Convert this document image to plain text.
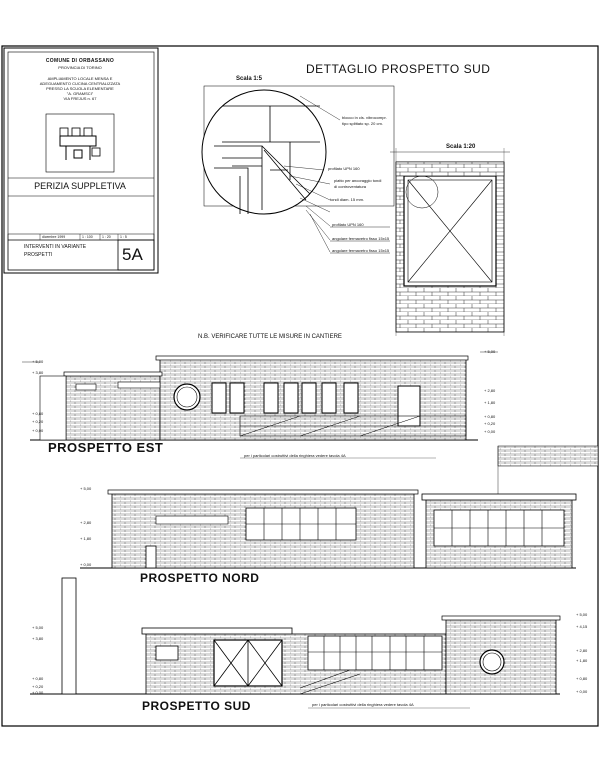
COMUNE DI ORBASSANO
PROVINCIA DI TORINO
AMPLIAMENTO LOCALE MENSA E
ADEGUAMENTO CUCINA CENTRALIZZATA
PRESSO LA SCUOLA ELEMENTARE
"A. GRAMSCI"
VIA FREJUS n. 67
PERIZIA SUPPLETIVA
dicembre 1999	1 : 100	1 : 20	1 : 5
INTERVENTI IN VARIANTE
PROSPETTI	5A
DETTAGLIO PROSPETTO SUD
Scala 1:5
Scala 1:20
blocco in cls. vibrocompr.
tipo splittato sp. 20 cm.
profilato UPN 160
piatto per ancoraggio tondi
di controventatura
tondi diam. 15 mm.
profilato UPN 160
angolare fermavetro fisso 15x15
angolare fermavetro fisso 15x15
N.B. VERIFICARE TUTTE LE MISURE IN CANTIERE
PROSPETTO EST
per i particolari costruttivi della ringhiera vedere tavola 4A
+ 5,00
+ 3,80
+ 0,80
+ 0,20
+ 0,00
+ 5,00
+ 2,80
+ 1,80
+ 0,80
+ 0,20
+ 0,00
PROSPETTO NORD
+ 5,00
+ 2,80
+ 1,80
+ 0,00
PROSPETTO SUD	per i particolari costruttivi della ringhiera vedere tavola 4A
+ 5,00
+ 3,80
+ 0,80
+ 0,20
+ 0,00
+ 5,00
+ 4,15
+ 2,80
+ 1,80
+ 0,80
+ 0,00
